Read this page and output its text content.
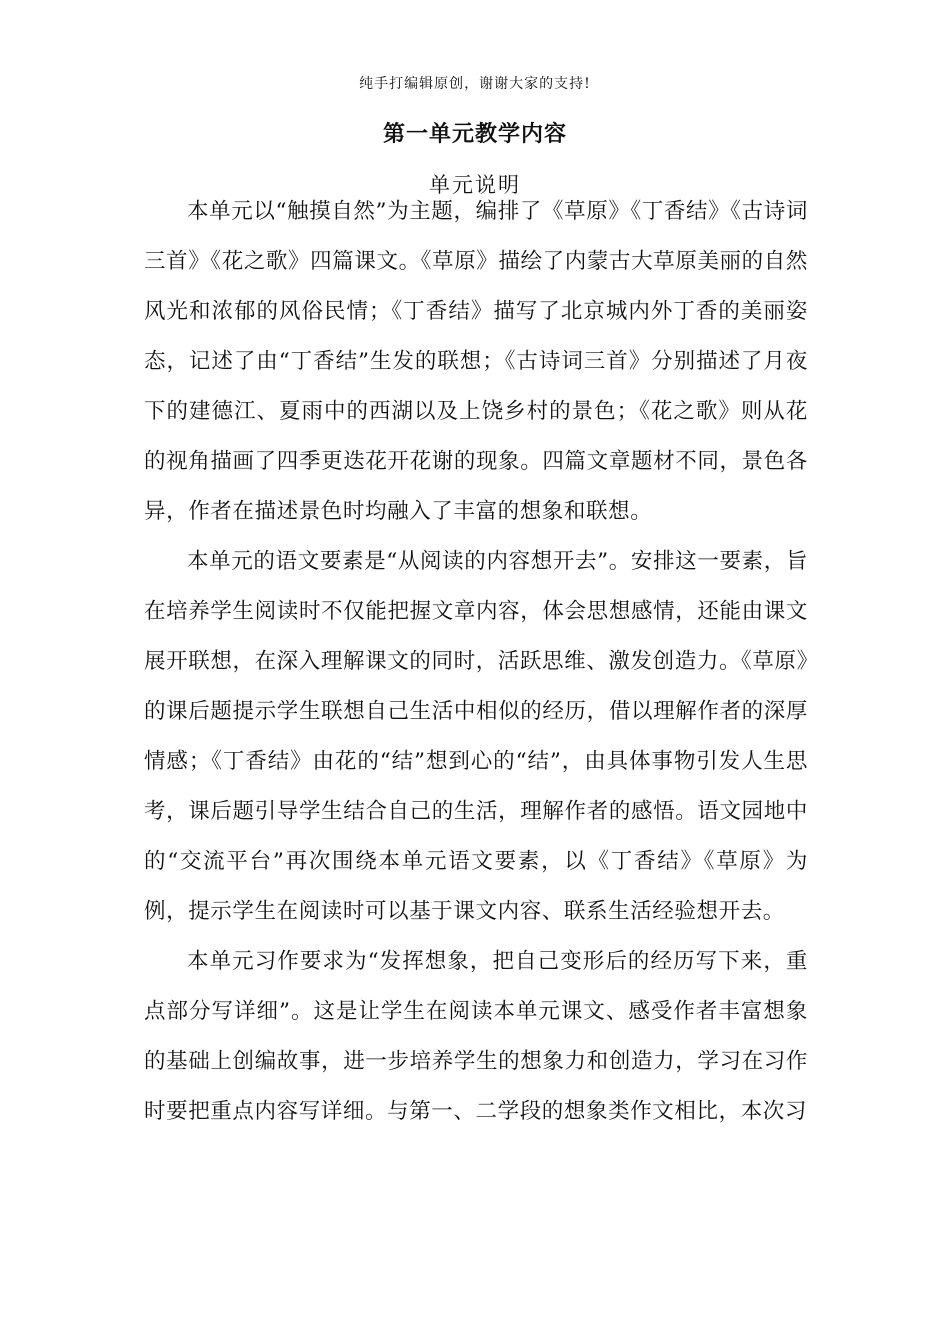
纯手打编辑原创，谢谢大家的支持!
第一单元教学内容
单元说明

本单元以“触摸自然”为主题，编排了《草原》《丁香结》《古诗词三首》《花之歌》四篇课文。《草原》描绘了内蒙古大草原美丽的自然风光和浓郁的风俗民情；《丁香结》描写了北京城内外丁香的美丽姿态，记述了由“丁香结”生发的联想；《古诗词三首》分别描述了月夜下的建德江、夏雨中的西湖以及上饶乡村的景色；《花之歌》则从花的视角描画了四季更迭花开花谢的现象。四篇文章题材不同，景色各异，作者在描述景色时均融入了丰富的想象和联想。

本单元的语文要素是“从阅读的内容想开去”。安排这一要素，旨在培养学生阅读时不仅能把握文章内容，体会思想感情，还能由课文展开联想，在深入理解课文的同时，活跃思维、激发创造力。《草原》的课后题提示学生联想自己生活中相似的经历，借以理解作者的深厚情感；《丁香结》由花的“结”想到心的“结”，由具体事物引发人生思考，课后题引导学生结合自己的生活，理解作者的感悟。语文园地中的“交流平台”再次围绕本单元语文要素，以《丁香结》《草原》为例，提示学生在阅读时可以基于课文内容、联系生活经验想开去。

本单元习作要求为“发挥想象，把自己变形后的经历写下来，重点部分写详细”。这是让学生在阅读本单元课文、感受作者丰富想象的基础上创编故事，进一步培养学生的想象力和创造力，学习在习作时要把重点内容写详细。与第一、二学段的想象类作文相比，本次习
